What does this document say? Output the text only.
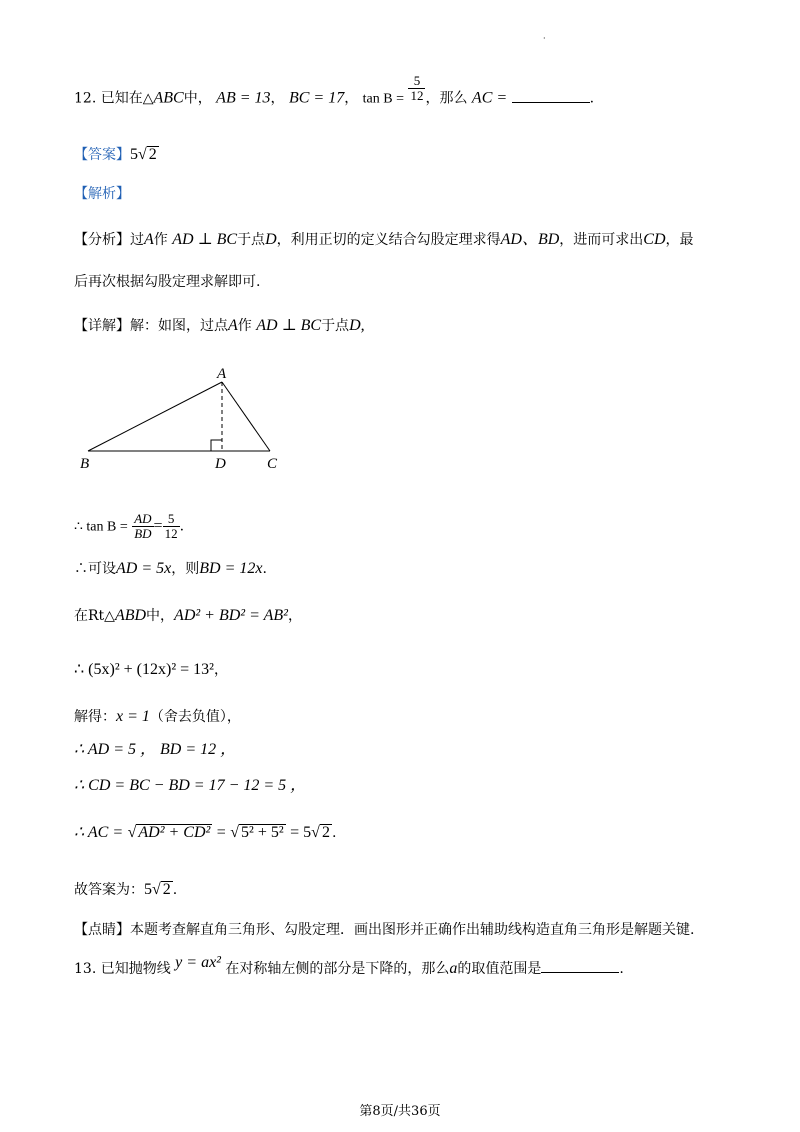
·
12. 已知在△ABC中， AB = 13， BC = 17， $\tan B = \frac{5}{12}$ ，那么 AC =	.
【答案】5√ 2
【解析】
【分析】过A作 AD ⊥ BC于点D，利用正切的定义结合勾股定理求得AD、BD，进而可求出CD，最
后再次根据勾股定理求解即可.
【详解】解：如图，过点A作 AD ⊥ BC于点D,
A
B	D	C
∴ $\tan B = \frac{AD}{BD} = \frac{5}{12}$ .
∴可设AD = 5x，则BD = 12x.
在Rt△ABD中，AD² + BD² = AB²，
∴ (5x)² + (12x)² = 13²，
解得：x = 1（舍去负值），
∴ AD = 5 ， BD = 12 ，
∴ CD = BC − BD = 17 − 12 = 5 ，
∴ AC = √ AD² + CD² = √ 5² + 5² = 5√ 2 .
故答案为：5√ 2 .
【点睛】本题考查解直角三角形、勾股定理．画出图形并正确作出辅助线构造直角三角形是解题关键.
13. 已知抛物线 y = ax² 在对称轴左侧的部分是下降的，那么a的取值范围是	.
第8页/共36页
